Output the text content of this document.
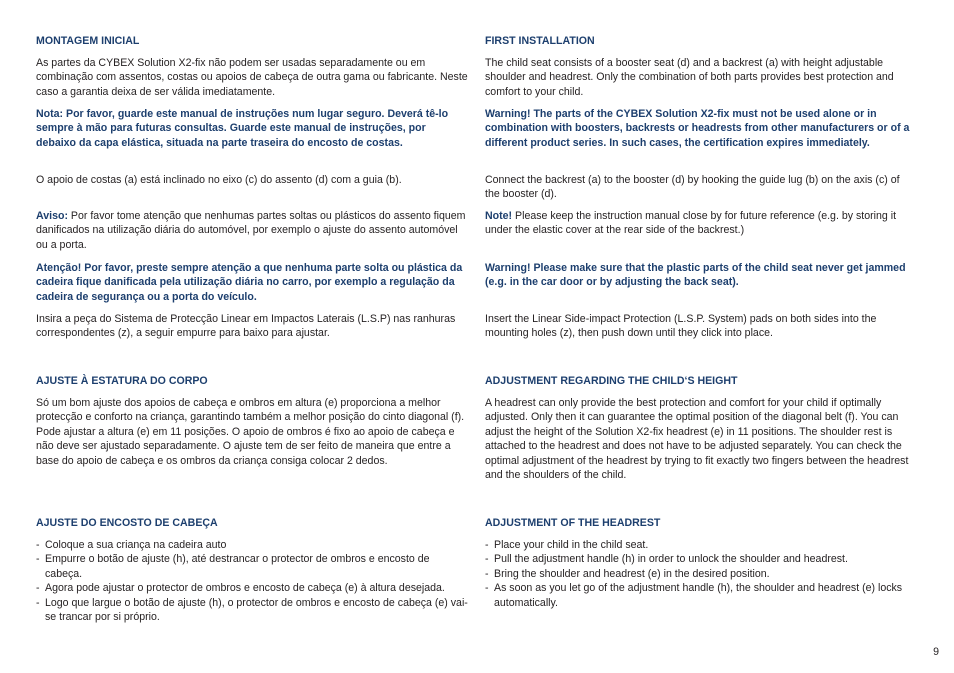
MONTAGEM INICIAL

As partes da CYBEX Solution X2-fix não podem ser usadas separadamente ou em combinação com assentos, costas ou apoios de cabeça de outra gama ou fabricante. Neste caso a garantia deixa de ser válida imediatamente.

Nota: Por favor, guarde este manual de instruções num lugar seguro. Deverá tê-lo sempre à mão para futuras consultas. Guarde este manual de instruções, por debaixo da capa elástica, situada na parte traseira do encosto de costas.

O apoio de costas (a) está inclinado no eixo (c) do assento (d) com a guia (b).

Aviso: Por favor tome atenção que nenhumas partes soltas ou plásticos do assento fiquem danificados na utilização diária do automóvel, por exemplo o ajuste do assento automóvel ou a porta.

Atenção! Por favor, preste sempre atenção a que nenhuma parte solta ou plástica da cadeira fique danificada pela utilização diária no carro, por exemplo a regulação da cadeira de segurança ou a porta do veículo.

Insira a peça do Sistema de Protecção Linear em Impactos Laterais (L.S.P) nas ranhuras correspondentes (z), a seguir empurre para baixo para ajustar.

AJUSTE À ESTATURA DO CORPO

Só um bom ajuste dos apoios de cabeça e ombros em altura (e) proporciona a melhor protecção e conforto na criança, garantindo também a melhor posição do cinto diagonal (f). Pode ajustar a altura (e) em 11 posições. O apoio de ombros é fixo ao apoio de cabeça e não deve ser ajustado separadamente. O ajuste tem de ser feito de maneira que entre a base do apoio de cabeça e os ombros da criança consiga colocar 2 dedos.

AJUSTE DO ENCOSTO DE CABEÇA
- Coloque a sua criança na cadeira auto
- Empurre o botão de ajuste (h), até destrancar o protector de ombros e encosto de cabeça.
- Agora pode ajustar o protector de ombros e encosto de cabeça (e) à altura desejada.
- Logo que largue o botão de ajuste (h), o protector de ombros e encosto de cabeça (e) vai-se trancar por si próprio.
FIRST INSTALLATION

The child seat consists of a booster seat (d) and a backrest (a) with height adjustable shoulder and headrest. Only the combination of both parts provides best protection and comfort to your child.

Warning! The parts of the CYBEX Solution X2-fix must not be used alone or in combination with boosters, backrests or headrests from other manufacturers or of a different product series. In such cases, the certification expires immediately.

Connect the backrest (a) to the booster (d) by hooking the guide lug (b) on the axis (c) of the booster (d).

Note! Please keep the instruction manual close by for future reference (e.g. by storing it under the elastic cover at the rear side of the backrest.)

Warning! Please make sure that the plastic parts of the child seat never get jammed (e.g. in the car door or by adjusting the back seat).

Insert the Linear Side-impact Protection (L.S.P. System) pads on both sides into the mounting holes (z), then push down until they click into place.

ADJUSTMENT REGARDING THE CHILD‘S HEIGHT

A headrest can only provide the best protection and comfort for your child if optimally adjusted. Only then it can guarantee the optimal position of the diagonal belt (f). You can adjust the height of the Solution X2-fix headrest (e) in 11 positions. The shoulder rest is attached to the headrest and does not have to be adjusted separately. You can check the optimal adjustment of the headrest by trying to fit exactly two fingers between the headrest and the shoulders of the child.

ADJUSTMENT OF THE HEADREST
- Place your child in the child seat.
- Pull the adjustment handle (h) in order to unlock the shoulder and headrest.
- Bring the shoulder and headrest (e) in the desired position.
- As soon as you let go of the adjustment handle (h), the shoulder and headrest (e) locks automatically.
9
